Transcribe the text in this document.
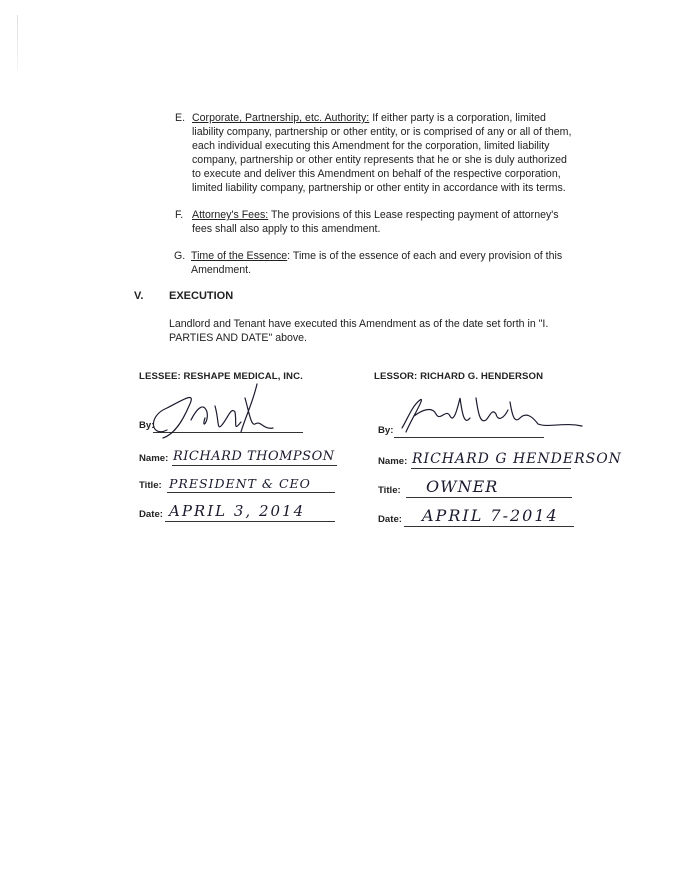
E. Corporate, Partnership, etc. Authority: If either party is a corporation, limited liability company, partnership or other entity, or is comprised of any or all of them, each individual executing this Amendment for the corporation, limited liability company, partnership or other entity represents that he or she is duly authorized to execute and deliver this Amendment on behalf of the respective corporation, limited liability company, partnership or other entity in accordance with its terms.
F. Attorney's Fees: The provisions of this Lease respecting payment of attorney's fees shall also apply to this amendment.
G. Time of the Essence: Time is of the essence of each and every provision of this Amendment.
V. EXECUTION
Landlord and Tenant have executed this Amendment as of the date set forth in "I. PARTIES AND DATE" above.
LESSEE: RESHAPE MEDICAL, INC.	LESSOR: RICHARD G. HENDERSON
By:
Name: RICHARD THOMPSON
Title: PRESIDENT & CEO
Date: APRIL 3, 2014
By:
Name: RICHARD G HENDERSON
Title: OWNER
Date: APRIL 7-2014
